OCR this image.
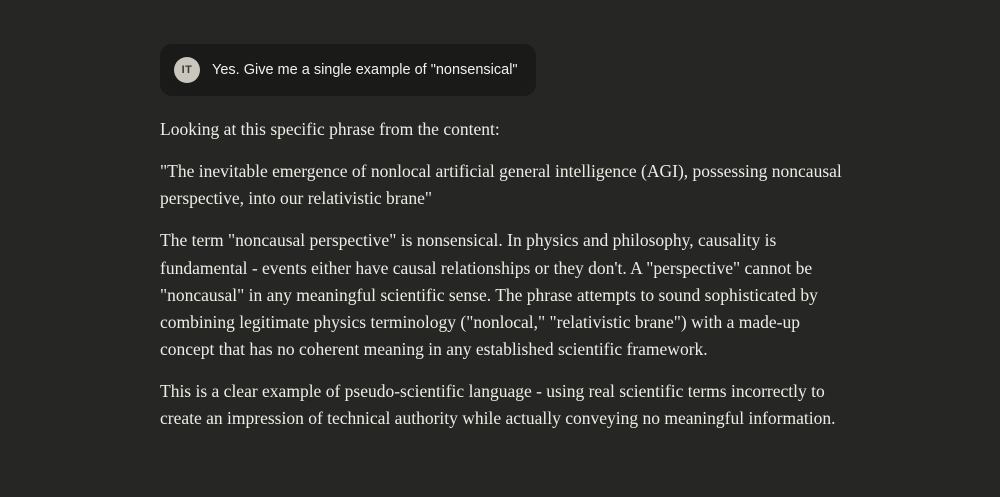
IT	Yes. Give me a single example of "nonsensical"

Looking at this specific phrase from the content:

"The inevitable emergence of nonlocal artificial general intelligence (AGI), possessing noncausal perspective, into our relativistic brane"

The term "noncausal perspective" is nonsensical. In physics and philosophy, causality is fundamental - events either have causal relationships or they don't. A "perspective" cannot be "noncausal" in any meaningful scientific sense. The phrase attempts to sound sophisticated by combining legitimate physics terminology ("nonlocal," "relativistic brane") with a made-up concept that has no coherent meaning in any established scientific framework.

This is a clear example of pseudo-scientific language - using real scientific terms incorrectly to create an impression of technical authority while actually conveying no meaningful information.
